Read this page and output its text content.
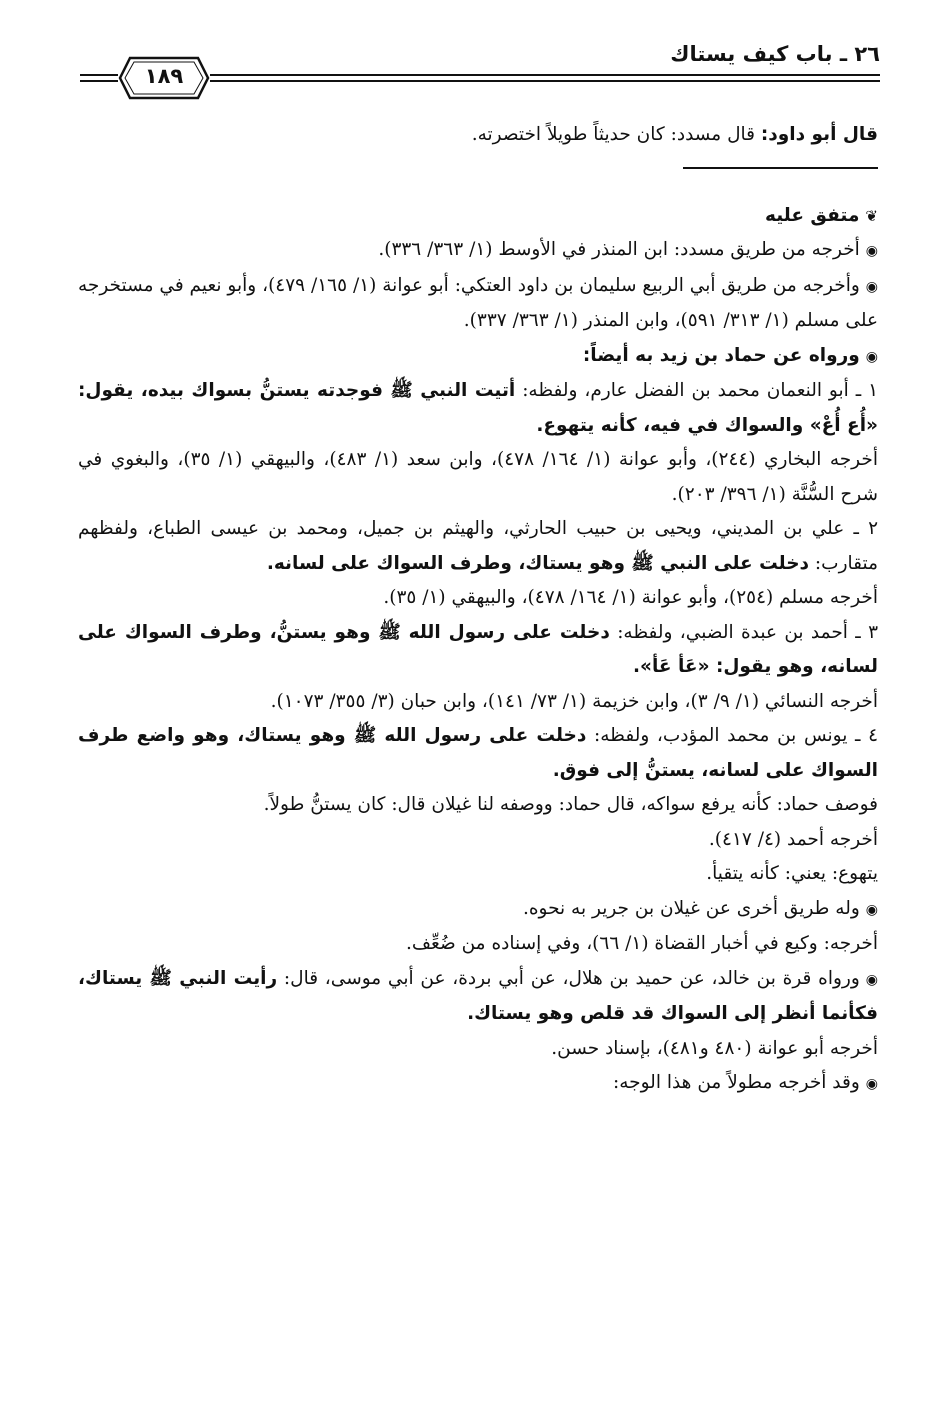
٢٦ ـ باب كيف يستاك
١٨٩

قال أبو داود: قال مسدد: كان حديثاً طويلاً اختصرته.

❦متفق عليه

◉أخرجه من طريق مسدد: ابن المنذر في الأوسط (١/ ٣٦٣/ ٣٣٦).

◉وأخرجه من طريق أبي الربيع سليمان بن داود العتكي: أبو عوانة (١/ ١٦٥/ ٤٧٩)، وأبو نعيم في مستخرجه على مسلم (١/ ٣١٣/ ٥٩١)، وابن المنذر (١/ ٣٦٣/ ٣٣٧).

◉ورواه عن حماد بن زيد به أيضاً:

١ ـ أبو النعمان محمد بن الفضل عارم، ولفظه: أتيت النبي ﷺ فوجدته يستنُّ بسواك بيده، يقول: «أُع أُعْ» والسواك في فيه، كأنه يتهوع.

أخرجه البخاري (٢٤٤)، وأبو عوانة (١/ ١٦٤/ ٤٧٨)، وابن سعد (١/ ٤٨٣)، والبيهقي (١/ ٣٥)، والبغوي في شرح السُّنَّة (١/ ٣٩٦/ ٢٠٣).

٢ ـ علي بن المديني، ويحيى بن حبيب الحارثي، والهيثم بن جميل، ومحمد بن عيسى الطباع، ولفظهم متقارب: دخلت على النبي ﷺ وهو يستاك، وطرف السواك على لسانه.

أخرجه مسلم (٢٥٤)، وأبو عوانة (١/ ١٦٤/ ٤٧٨)، والبيهقي (١/ ٣٥).

٣ ـ أحمد بن عبدة الضبي، ولفظه: دخلت على رسول الله ﷺ وهو يستنُّ، وطرف السواك على لسانه، وهو يقول: «عَأ عَأ».

أخرجه النسائي (١/ ٩/ ٣)، وابن خزيمة (١/ ٧٣/ ١٤١)، وابن حبان (٣/ ٣٥٥/ ١٠٧٣).

٤ ـ يونس بن محمد المؤدب، ولفظه: دخلت على رسول الله ﷺ وهو يستاك، وهو واضع طرف السواك على لسانه، يستنُّ إلى فوق.

فوصف حماد: كأنه يرفع سواكه، قال حماد: ووصفه لنا غيلان قال: كان يستنُّ طولاً.

أخرجه أحمد (٤/ ٤١٧).

يتهوع: يعني: كأنه يتقيأ.

◉وله طريق أخرى عن غيلان بن جرير به نحوه.

أخرجه: وكيع في أخبار القضاة (١/ ٦٦)، وفي إسناده من ضُعِّف.

◉ورواه قرة بن خالد، عن حميد بن هلال، عن أبي بردة، عن أبي موسى، قال: رأيت النبي ﷺ يستاك، فكأنما أنظر إلى السواك قد قلص وهو يستاك.

أخرجه أبو عوانة (٤٨٠ و٤٨١)، بإسناد حسن.

◉وقد أخرجه مطولاً من هذا الوجه:
